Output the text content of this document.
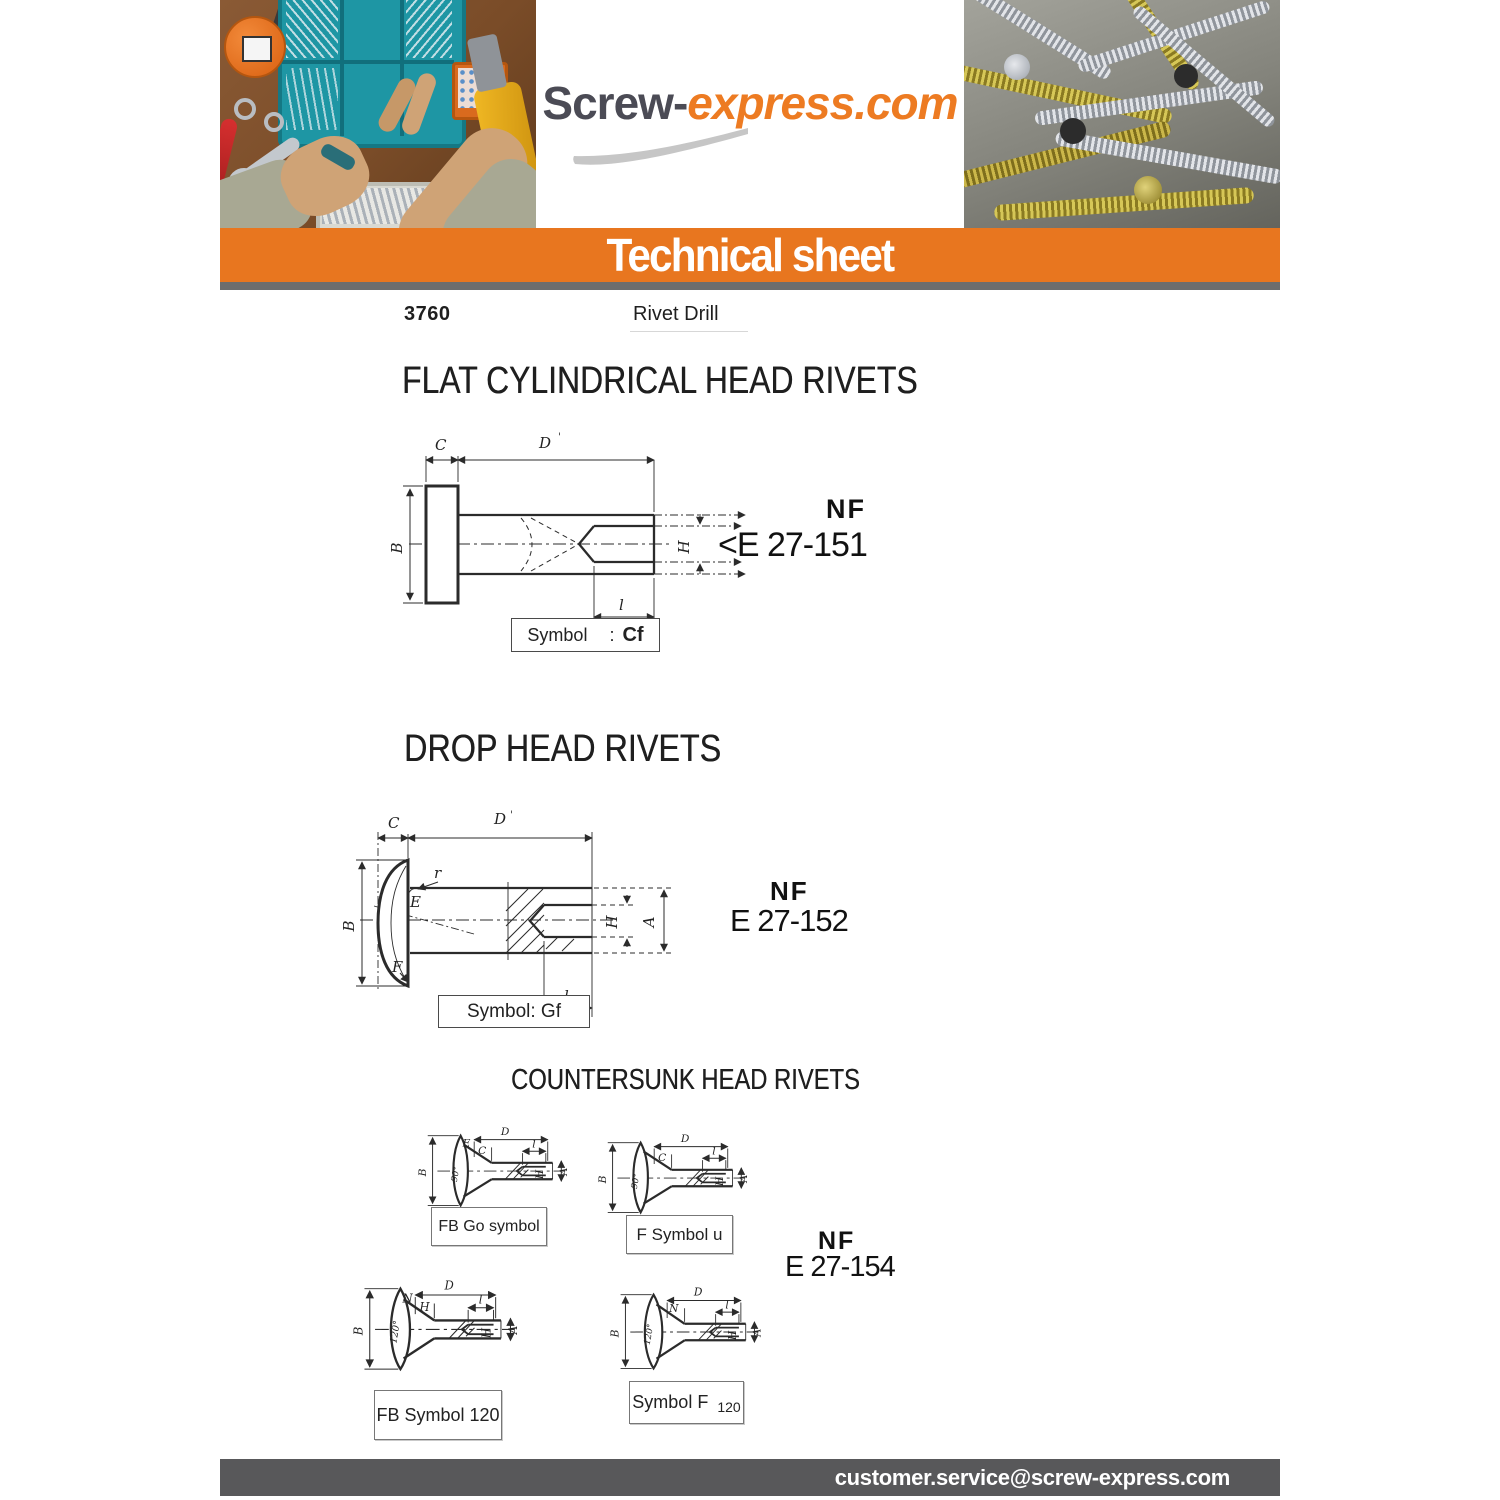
Screw-express.com
Technical sheet
3760	Rivet Drill
FLAT CYLINDRICAL HEAD RIVETS
C	D '
B	H
l
NF
<E 27-151
Symbol : Cf
DROP HEAD RIVETS
C	D '
B
r
E
F
H A
NF
E 27-152
Symbol: Gf
COUNTERSUNK HEAD RIVETS
D
E
C
l
B 90°	H A
FB Go symbol
D
C
l
B 90°	H A
F Symbol u
D
N
H
l
B	120°	H A
FB Symbol 120
D
N	l
B 120°	H A
Symbol F 120
NF
E 27-154
customer.service@screw-express.com
